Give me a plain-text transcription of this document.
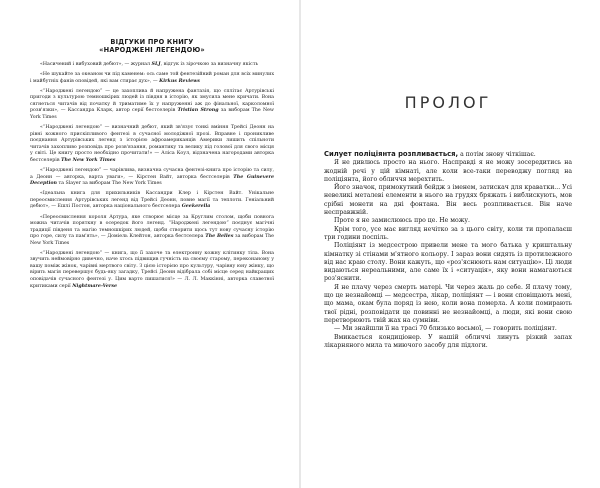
ВІДГУКИ ПРО КНИГУ
«НАРОДЖЕНІ ЛЕГЕНДОЮ»

«Насичений і вибуховий дебют», — журнал SLJ, відгук із зірочкою за визначну якість

«Не шукайте за океаном чи під каменем: ось саме той фентезійний роман для всіх минулих і майбутніх фанів оповідей, які вам стирає дух», — Kirkus Reviews

«“Народжені легендою” — це захоплива й напружена фантазія, що сплітає Артурівські пригоди з культурою темношкірих людей із півдня в історію, як змусила мене кричати. Вона сягнеться читачів від початку й триматиме їх у напруженні аж до фінальної, карколомної розв'язки», — Кассандра Кларк, автор серії бестселерів Tristian Strong за виборам The New York Times

«“Народжені легендою” — визначний дебют, який зв'язує тонкі вміння Трейсі Деонн на рівні кожного прискіпливого фентезі в сучасної молодіжної прозі. Вправне і проникливе поєднання Артурівських легенд з історією афроамериканців Америки лишить спільноти читачів захопливо розповідь про розв'язання, романтику та велику під голової для свого місця у світі. Це книгу просто необхідно прочитати!» — Аліса Коул, відзначена нагородами авторка бестселерів The New York Times

«“Народжені легендою” — чарівлива, визначна сучасна фентезі-книга про історію та силу, а Деонн — авторка, варта уваги», — Кірстен Вайт, авторка бестселерів The Guinevere Deception та Slayer за виборам The New York Times

«Ідеальна книга для прихильників Кассандри Клер і Кірстен Вайт. Унікальне переосмислення Артурівських легенд від Трейсі Деонн, повне магії та теплоти. Геніальний дебют», — Ешлі Постон, авторка національного бестселера Geekerella

«Переосмислення короля Артура, яке створює місце за Круглим столом, щоби повнога можна читачів поряткну в осередок його легенд. “Народжені легендою” поєднує магічні традиції південя та магію темношкірих людей, щоби створити щось тут нову сучасну історію про горе, силу та пам'ять», — Доміель Клейтон, авторка бестселера The Belles за виборам The New York Times

«“Народжені легендою” — книга, що її захоче та електронну кожну клітинку тіла. Вона звучить неймовірно дивечно, наче хтось підвищив гучність на своєму старому, переконаному у вашу поміж жінок, чарівні мертвого світу. З цією історією про культуру, чарівну юну жінку, що вірить магія перевершує будь-яку загадку, Трейсі Деонн відібрала собі місце серед найкращих оповідачів сучасного фентезі у. Цим варто пишатися!» — Л. Л. Маккінні, авторка славетної критиками серії Nightmare-Verse

ПРОЛОГ

Силует поліціянта розпливається, а потім знову чіткішає.

Я не дивлюсь просто на нього. Насправді я не можу зосередитись на жодній речі у цій кімнаті, але коли все-таки переводжу погляд на поліціянта, його обличчя мерехтить.

Його значок, примокутний бейдж з іменем, затискач для краватки... Усі невеликі металеві елементи в нього на грудях бряжать і виблискують, мов срібні монети на дні фонтана. Він весь розпливається. Він наче несправжній.

Проте я не замислююсь про це. Не можу.

Крім того, усе має вигляд нечітко за з цього світу, коли ти пропалаєш три години поспіль.

Поліціянт із медсестрою привели мене та мого батька у криштальну кімнатку зі стінами м'ятного кольору. І зараз вони сидять із протилежного від нас краю столу. Вони кажуть, що «роз'яснюють нам ситуацію». Ці люди видаються нереальними, але саме їх і «ситуація», яку вони намагаються роз'яснити.

Я не плачу через смерть матері. Чи через жаль до себе. Я плачу тому, що це незнайомці — медсестра, лікар, поліціянт — і вони сповіщають мені, що мама, окам була поряд із нею, коли вона померла. А коли помирають твої рідні, розповідати це повинні не незнайомці, а люди, які вони свою перетворюють твій жах на сумніви.

— Ми знайшли її на трасі 70 близько восьмої, — говорить поліціянт.

Вмикається кондиціонер. У нашій обличчі линуть різкий запах лікарняного мила та миючого засобу для підлоги.
